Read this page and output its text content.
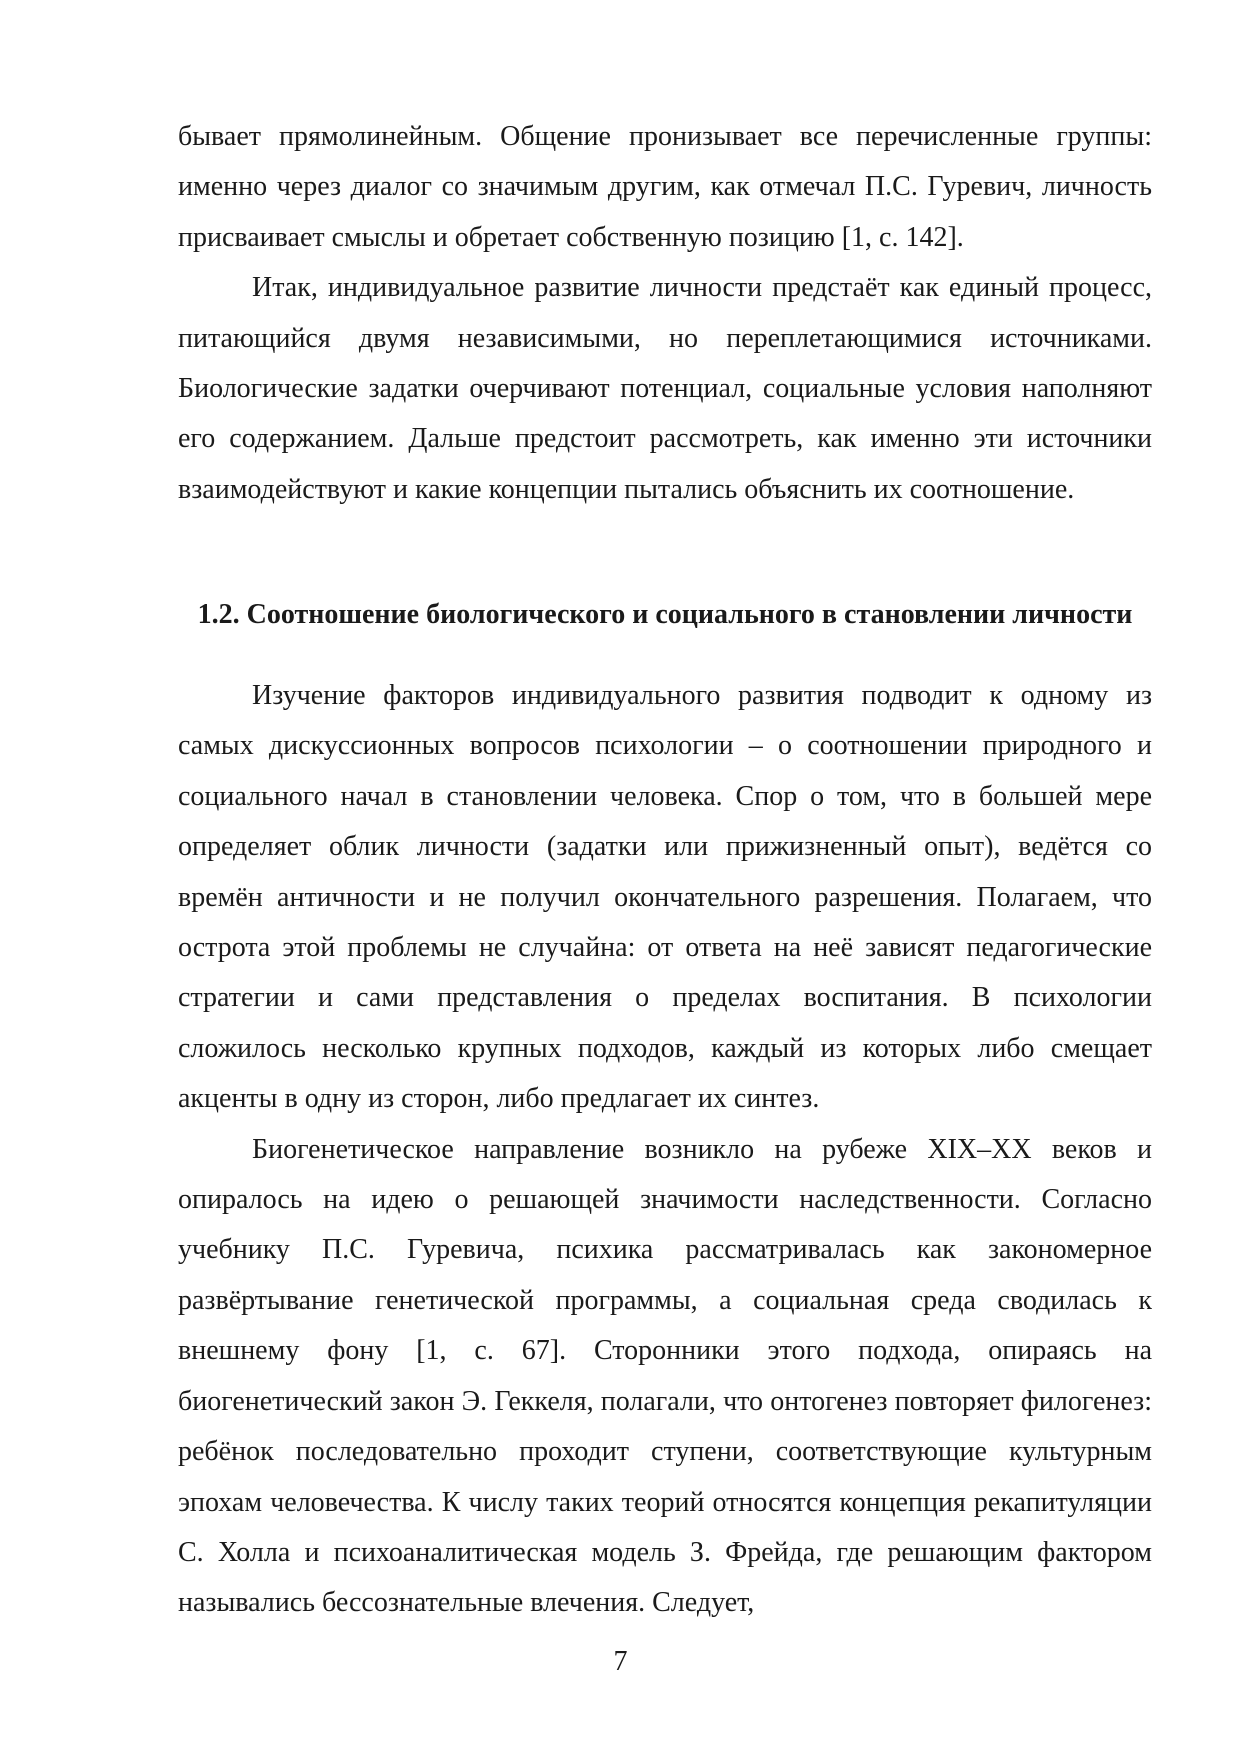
бывает прямолинейным. Общение пронизывает все перечисленные группы: именно через диалог со значимым другим, как отмечал П.С. Гуревич, личность присваивает смыслы и обретает собственную позицию [1, с. 142].

Итак, индивидуальное развитие личности предстаёт как единый процесс, питающийся двумя независимыми, но переплетающимися источниками. Биологические задатки очерчивают потенциал, социальные условия наполняют его содержанием. Дальше предстоит рассмотреть, как именно эти источники взаимодействуют и какие концепции пытались объяснить их соотношение.

1.2. Соотношение биологического и социального в становлении личности

Изучение факторов индивидуального развития подводит к одному из самых дискуссионных вопросов психологии – о соотношении природного и социального начал в становлении человека. Спор о том, что в большей мере определяет облик личности (задатки или прижизненный опыт), ведётся со времён античности и не получил окончательного разрешения. Полагаем, что острота этой проблемы не случайна: от ответа на неё зависят педагогические стратегии и сами представления о пределах воспитания. В психологии сложилось несколько крупных подходов, каждый из которых либо смещает акценты в одну из сторон, либо предлагает их синтез.

Биогенетическое направление возникло на рубеже XIX–XX веков и опиралось на идею о решающей значимости наследственности. Согласно учебнику П.С. Гуревича, психика рассматривалась как закономерное развёртывание генетической программы, а социальная среда сводилась к внешнему фону [1, с. 67]. Сторонники этого подхода, опираясь на биогенетический закон Э. Геккеля, полагали, что онтогенез повторяет филогенез: ребёнок последовательно проходит ступени, соответствующие культурным эпохам человечества. К числу таких теорий относятся концепция рекапитуляции С. Холла и психоаналитическая модель З. Фрейда, где решающим фактором назывались бессознательные влечения. Следует,

7
